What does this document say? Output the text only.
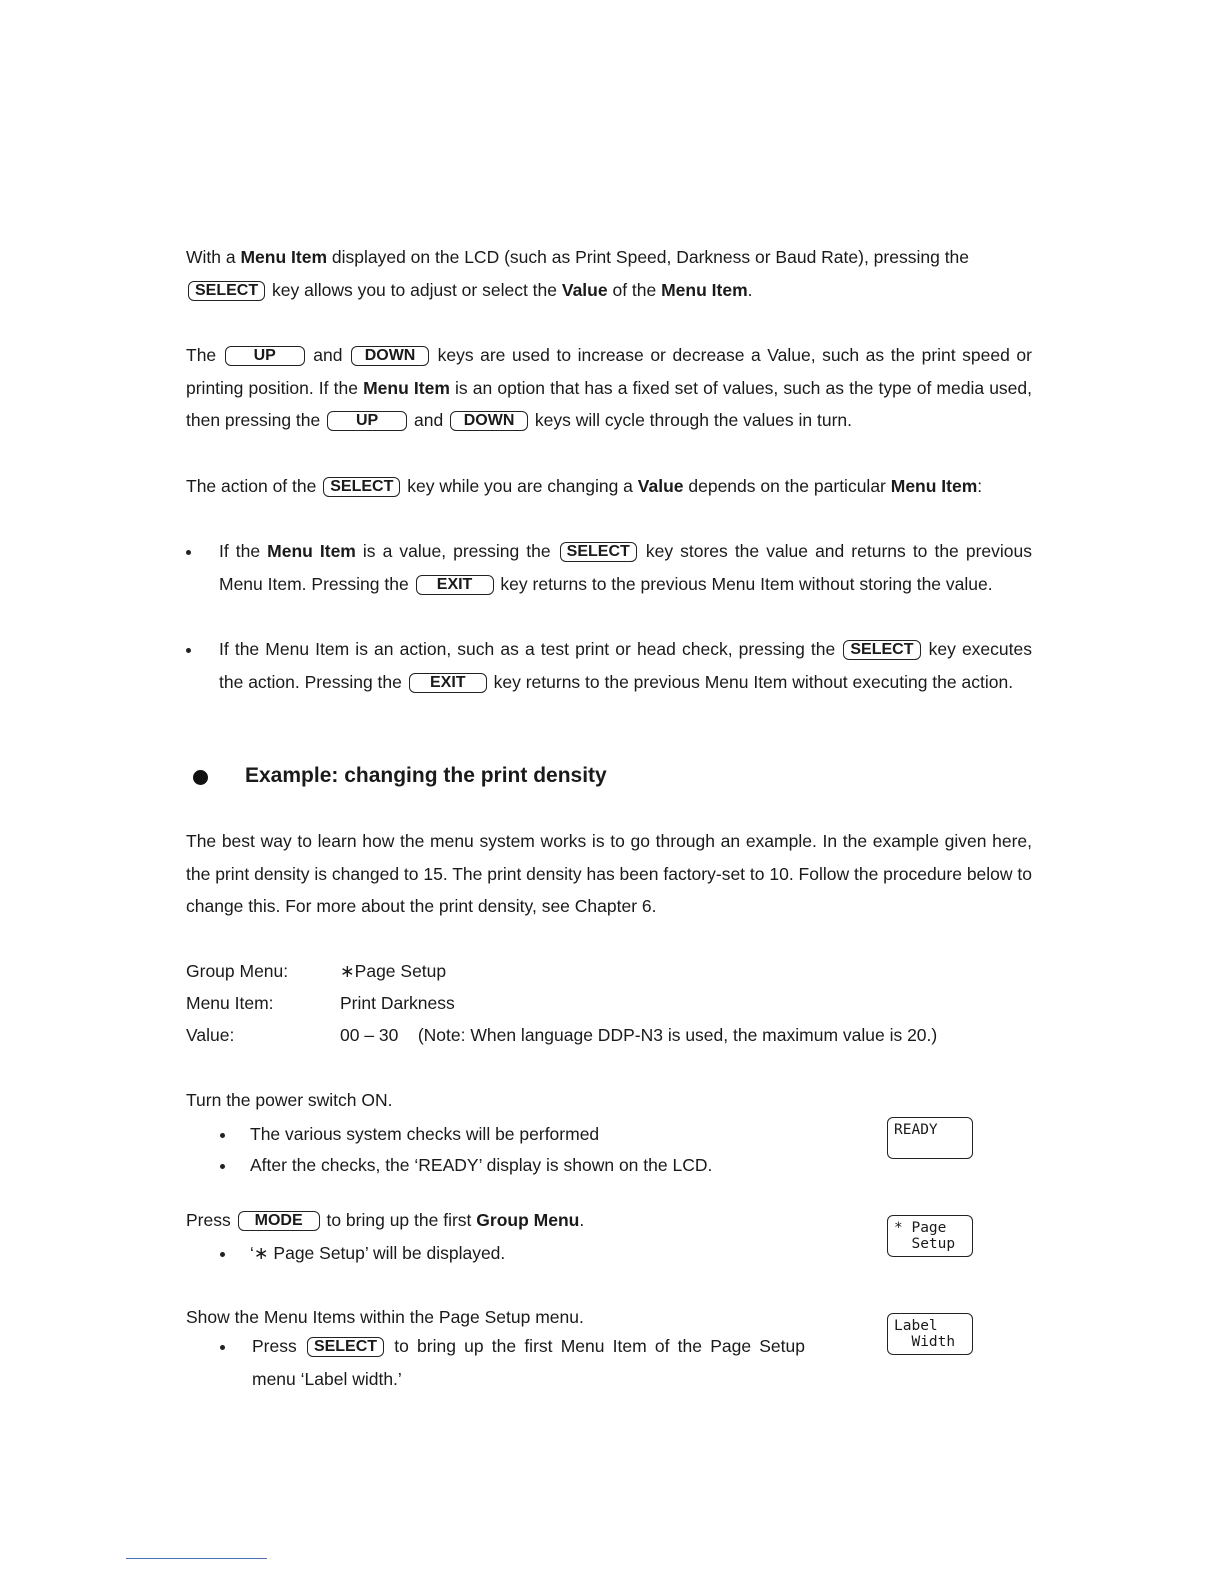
With a Menu Item displayed on the LCD (such as Print Speed, Darkness or Baud Rate), pressing the
SELECT key allows you to adjust or select the Value of the Menu Item.
The UP and DOWN keys are used to increase or decrease a Value, such as the print speed or printing position. If the Menu Item is an option that has a fixed set of values, such as the type of media used, then pressing the UP and DOWN keys will cycle through the values in turn.
The action of the SELECT key while you are changing a Value depends on the particular Menu Item:
If the Menu Item is a value, pressing the SELECT key stores the value and returns to the previous Menu Item. Pressing the EXIT key returns to the previous Menu Item without storing the value.
If the Menu Item is an action, such as a test print or head check, pressing the SELECT key executes the action. Pressing the EXIT key returns to the previous Menu Item without executing the action.
Example: changing the print density
The best way to learn how the menu system works is to go through an example. In the example given here, the print density is changed to 15. The print density has been factory-set to 10. Follow the procedure below to change this. For more about the print density, see Chapter 6.
Group Menu:	∗Page Setup
Menu Item:	Print Darkness
Value:	00 – 30    (Note: When language DDP-N3 is used, the maximum value is 20.)
Turn the power switch ON.
The various system checks will be performed
After the checks, the ‘READY’ display is shown on the LCD.
READY
Press MODE to bring up the first Group Menu.
‘∗ Page Setup’ will be displayed.
* Page
Setup
Show the Menu Items within the Page Setup menu.
Press SELECT to bring up the first Menu Item of the Page Setup menu ‘Label width.’
Label
Width
